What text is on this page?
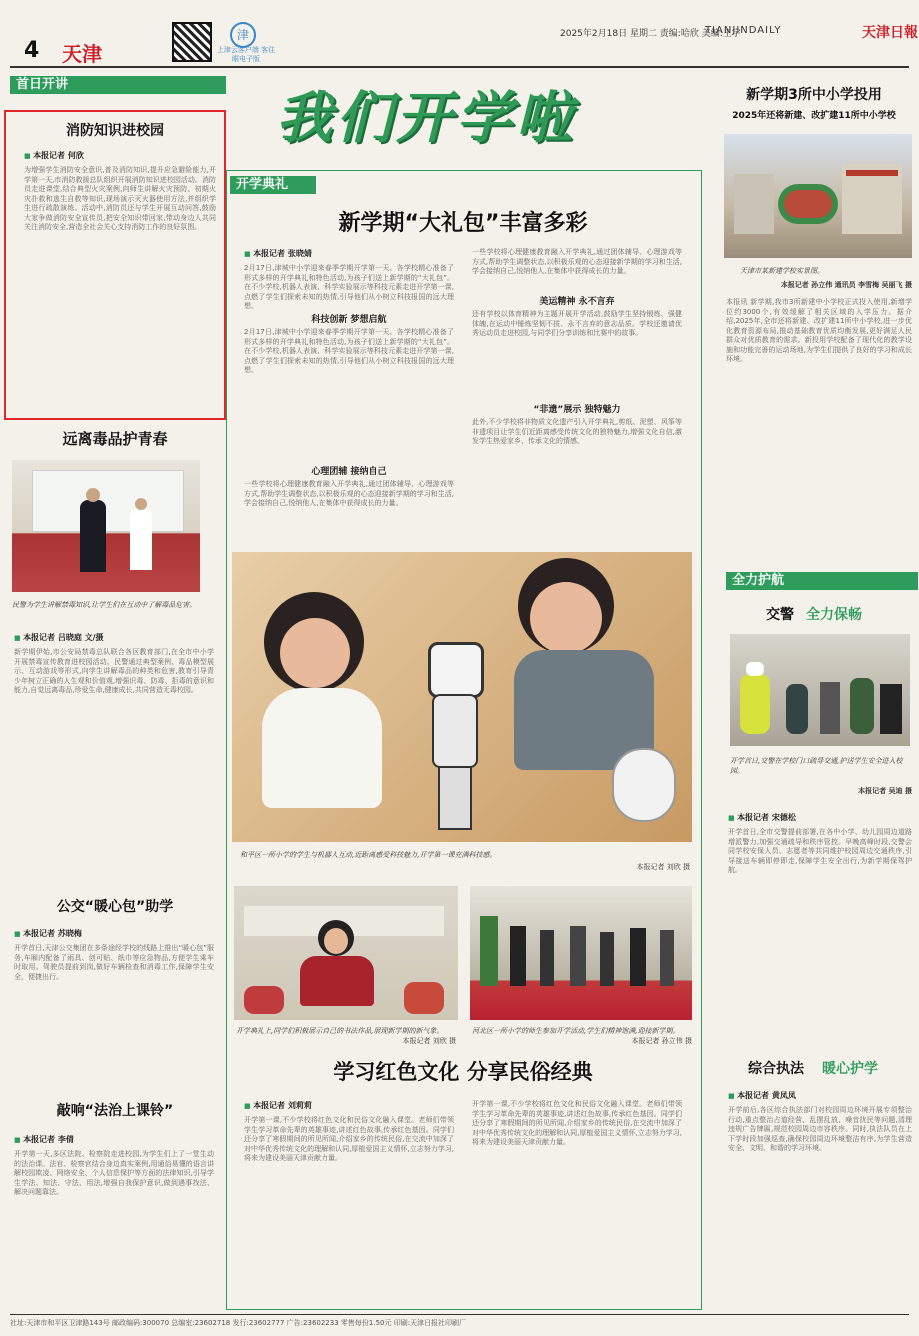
4 天津
津
上津云客户端 客住眼电子版
2025年2月18日 星期二 责编:哈欣 美编:王宇
TIANJINDAILY	天津日報
首日开讲
消防知识进校园
■ 本报记者 何欣
为增强学生消防安全意识,普及消防知识,提升应急避险能力,开学第一天,市消防救援总队组织开展消防知识进校园活动。消防员走进课堂,结合典型火灾案例,向师生讲解火灾预防、初期火灾扑救和逃生自救等知识,现场演示灭火器使用方法,并组织学生进行疏散演练。活动中,消防员还与学生开展互动问答,鼓励大家争做消防安全宣传员,把安全知识带回家,带动身边人共同关注消防安全,营造全社会关心支持消防工作的良好氛围。
远离毒品护青春
民警为学生讲解禁毒知识,让学生们在互动中了解毒品危害。
■ 本报记者 吕晓庭 文/摄
新学期伊始,市公安局禁毒总队联合各区教育部门,在全市中小学开展禁毒宣传教育进校园活动。民警通过典型案例、毒品模型展示、互动游戏等形式,向学生讲解毒品的种类和危害,教育引导青少年树立正确的人生观和价值观,增强识毒、防毒、拒毒的意识和能力,自觉远离毒品,珍爱生命,健康成长,共同营造无毒校园。
公交“暖心包”助学
■ 本报记者 苏晓梅
开学首日,天津公交集团在多条途经学校的线路上推出“暖心包”服务,车厢内配备了雨具、创可贴、纸巾等应急物品,方便学生乘车时取用。驾驶员提前到岗,做好车辆检查和消毒工作,保障学生安全、便捷出行。
敲响“法治上课铃”
■ 本报记者 李倩
开学第一天,多区法院、检察院走进校园,为学生们上了一堂生动的法治课。法官、检察官结合身边真实案例,用通俗易懂的语言讲解校园欺凌、网络安全、个人信息保护等方面的法律知识,引导学生学法、知法、守法、用法,增强自我保护意识,做到遇事找法、解决问题靠法。
我们开学啦
开学典礼
新学期“大礼包”丰富多彩
■ 本报记者 张晓婧
2月17日,津城中小学迎来春季学期开学第一天。各学校精心准备了形式多样的开学典礼和特色活动,为孩子们送上新学期的“大礼包”。在不少学校,机器人表演、科学实验展示等科技元素走进开学第一课,点燃了学生们探索未知的热情,引导他们从小树立科技报国的远大理想。
科技创新 梦想启航
2月17日,津城中小学迎来春季学期开学第一天。各学校精心准备了形式多样的开学典礼和特色活动,为孩子们送上新学期的“大礼包”。在不少学校,机器人表演、科学实验展示等科技元素走进开学第一课,点燃了学生们探索未知的热情,引导他们从小树立科技报国的远大理想。
心理团辅 接纳自己
一些学校将心理健康教育融入开学典礼,通过团体辅导、心理游戏等方式,帮助学生调整状态,以积极乐观的心态迎接新学期的学习和生活,学会接纳自己,悦纳他人,在集体中获得成长的力量。
一些学校将心理健康教育融入开学典礼,通过团体辅导、心理游戏等方式,帮助学生调整状态,以积极乐观的心态迎接新学期的学习和生活,学会接纳自己,悦纳他人,在集体中获得成长的力量。
美运精神 永不言弃
还有学校以体育精神为主题开展开学活动,鼓励学生坚持锻炼、强健体魄,在运动中锤炼坚韧不拔、永不言弃的意志品质。学校还邀请优秀运动员走进校园,与同学们分享训练和比赛中的故事。
“非遗”展示 独特魅力
此外,不少学校将非物质文化遗产引入开学典礼,剪纸、泥塑、风筝等非遗项目让学生们近距离感受传统文化的独特魅力,增强文化自信,激发学生热爱家乡、传承文化的情感。
和平区一所小学的学生与机器人互动,近距离感受科技魅力,开学第一课充满科技感。
本报记者 刘欣 摄
开学典礼上,同学们积极展示自己的书法作品,展现新学期的新气象。
本报记者 刘欣 摄
河北区一所小学的师生参加开学活动,学生们精神饱满,迎接新学期。
本报记者 孙立伟 摄
学习红色文化 分享民俗经典
■ 本报记者 刘莉莉
开学第一课,不少学校将红色文化和民俗文化融入课堂。老师们带领学生学习革命先辈的英雄事迹,讲述红色故事,传承红色基因。同学们还分享了寒假期间的所见所闻,介绍家乡的传统民俗,在交流中加深了对中华优秀传统文化的理解和认同,厚植爱国主义情怀,立志努力学习,将来为建设美丽天津贡献力量。
开学第一课,不少学校将红色文化和民俗文化融入课堂。老师们带领学生学习革命先辈的英雄事迹,讲述红色故事,传承红色基因。同学们还分享了寒假期间的所见所闻,介绍家乡的传统民俗,在交流中加深了对中华优秀传统文化的理解和认同,厚植爱国主义情怀,立志努力学习,将来为建设美丽天津贡献力量。
新学期3所中小学投用
2025年还将新建、改扩建11所中小学校
天津市某新建学校实景图。
本报记者 孙立伟 通讯员 李雪梅 吴丽飞 摄
本报讯 新学期,我市3所新建中小学校正式投入使用,新增学位约3000个,有效缓解了相关区域的入学压力。据介绍,2025年,全市还将新建、改扩建11所中小学校,进一步优化教育资源布局,推动基础教育优质均衡发展,更好满足人民群众对优质教育的需求。新投用学校配备了现代化的教学设施和功能完善的运动场地,为学生们提供了良好的学习和成长环境。
全力护航
交警 全力保畅
开学首日,交警在学校门口疏导交通,护送学生安全进入校园。
本报记者 吴迪 摄
■ 本报记者 宋德松
开学首日,全市交警提前部署,在各中小学、幼儿园周边道路增派警力,加强交通疏导和秩序管控。早晚高峰时段,交警会同学校安保人员、志愿者等共同维护校园周边交通秩序,引导接送车辆即停即走,保障学生安全出行,为新学期保驾护航。
综合执法 暖心护学
■ 本报记者 黄凤凤
开学前后,各区综合执法部门对校园周边环境开展专项整治行动,重点整治占道经营、乱摆乱放、噪音扰民等问题,清理违规广告牌匾,规范校园周边市容秩序。同时,执法队员在上下学时段加强巡查,确保校园周边环境整洁有序,为学生营造安全、文明、和谐的学习环境。
社址:天津市和平区卫津路143号 邮政编码:300070 总编室:23602718 发行:23602777 广告:23602233 零售每份1.50元 印刷:天津日报社印刷厂
